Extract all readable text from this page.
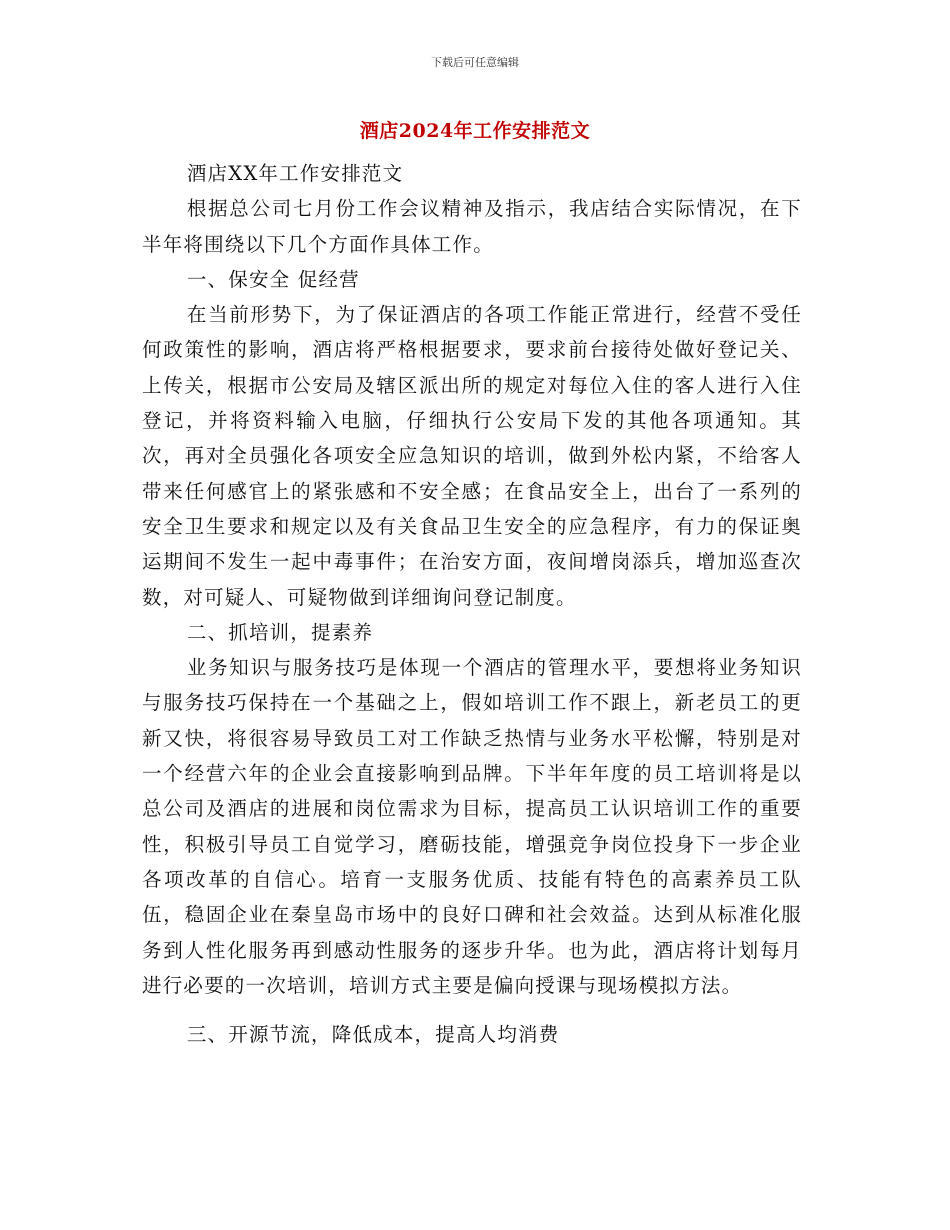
下载后可任意编辑
酒店2024年工作安排范文

酒店XX年工作安排范文

根据总公司七月份工作会议精神及指示，我店结合实际情况，在下半年将围绕以下几个方面作具体工作。

一、保安全 促经营

在当前形势下，为了保证酒店的各项工作能正常进行，经营不受任何政策性的影响，酒店将严格根据要求，要求前台接待处做好登记关、上传关，根据市公安局及辖区派出所的规定对每位入住的客人进行入住登记，并将资料输入电脑，仔细执行公安局下发的其他各项通知。其次，再对全员强化各项安全应急知识的培训，做到外松内紧，不给客人带来任何感官上的紧张感和不安全感；在食品安全上，出台了一系列的安全卫生要求和规定以及有关食品卫生安全的应急程序，有力的保证奥运期间不发生一起中毒事件；在治安方面，夜间增岗添兵，增加巡查次数，对可疑人、可疑物做到详细询问登记制度。

二、抓培训，提素养

业务知识与服务技巧是体现一个酒店的管理水平，要想将业务知识与服务技巧保持在一个基础之上，假如培训工作不跟上，新老员工的更新又快，将很容易导致员工对工作缺乏热情与业务水平松懈，特别是对一个经营六年的企业会直接影响到品牌。下半年年度的员工培训将是以总公司及酒店的进展和岗位需求为目标，提高员工认识培训工作的重要性，积极引导员工自觉学习，磨砺技能，增强竞争岗位投身下一步企业各项改革的自信心。培育一支服务优质、技能有特色的高素养员工队伍，稳固企业在秦皇岛市场中的良好口碑和社会效益。达到从标准化服务到人性化服务再到感动性服务的逐步升华。也为此，酒店将计划每月进行必要的一次培训，培训方式主要是偏向授课与现场模拟方法。

三、开源节流，降低成本，提高人均消费
